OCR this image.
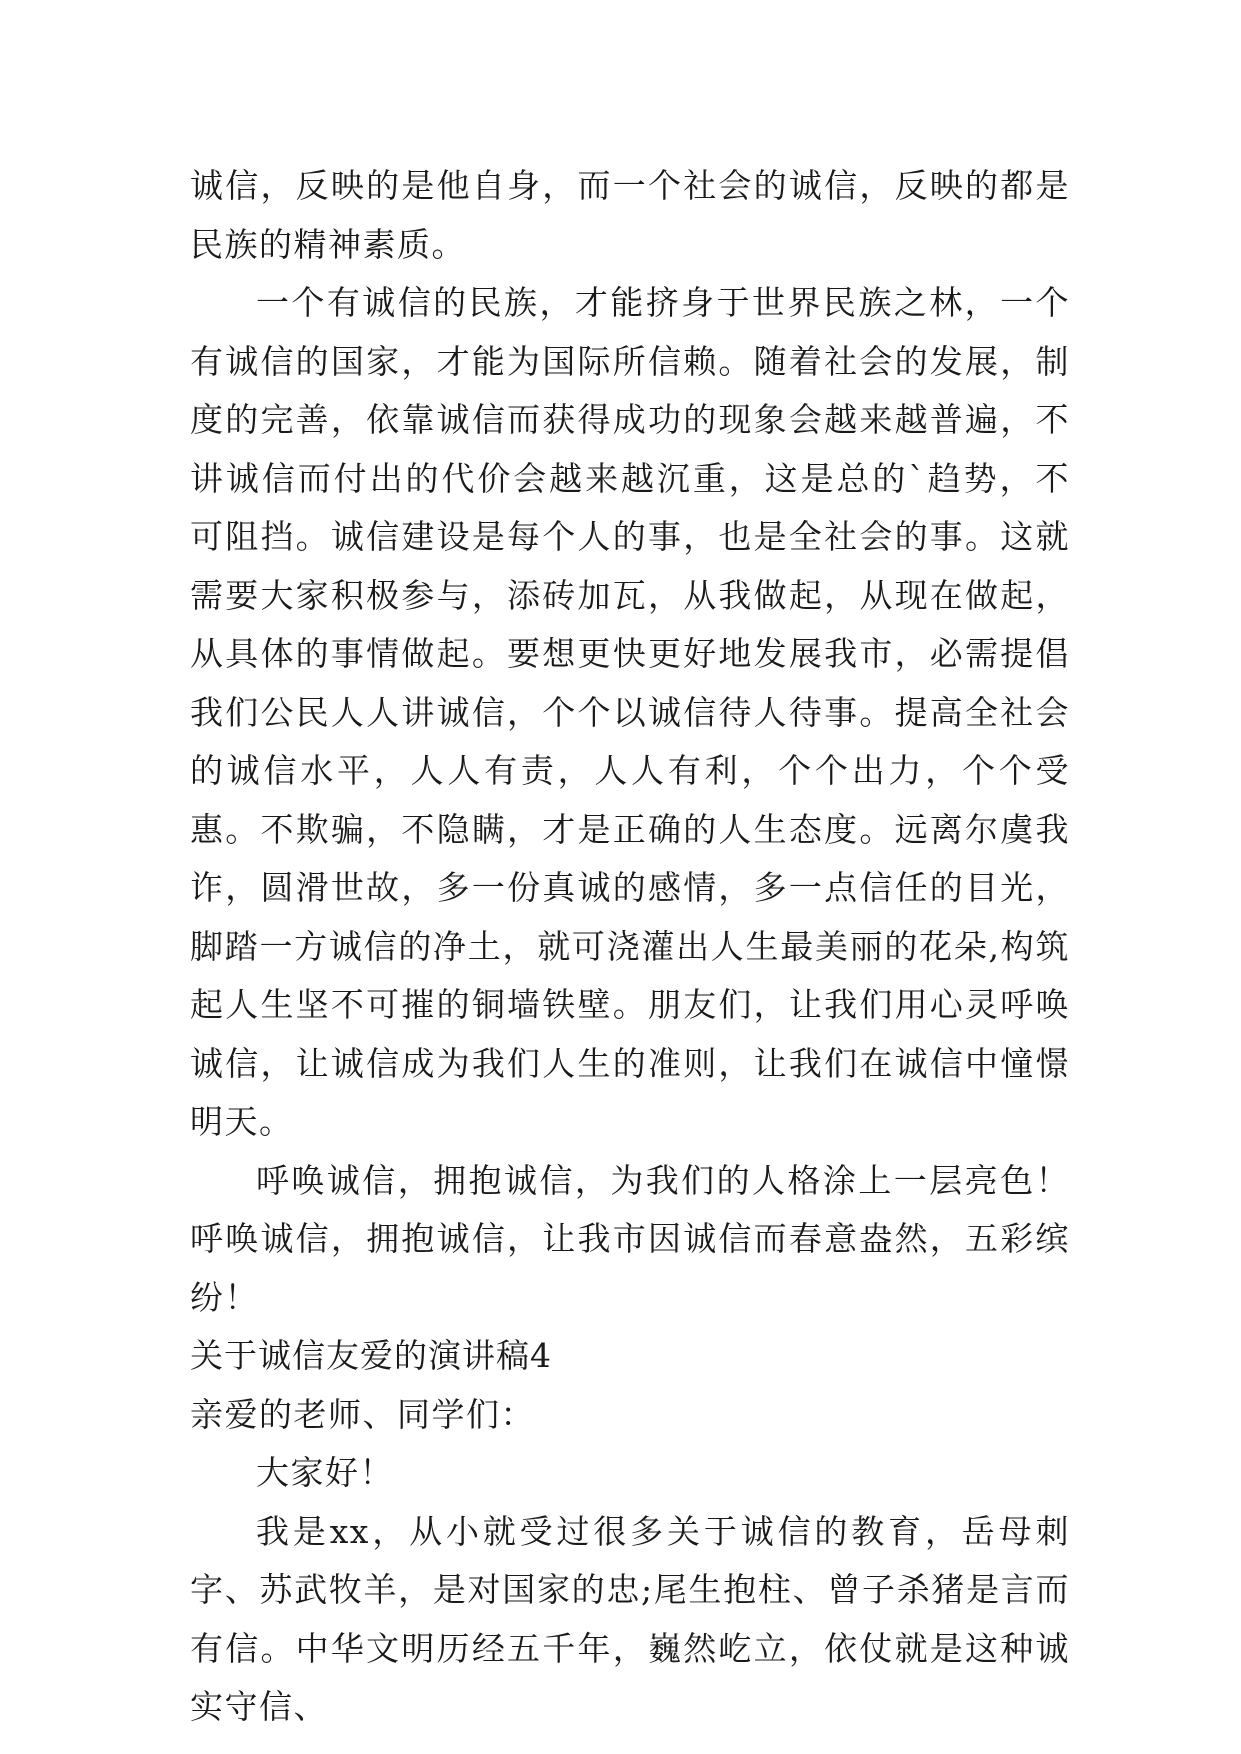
诚信，反映的是他自身，而一个社会的诚信，反映的都是民族的精神素质。

一个有诚信的民族，才能挤身于世界民族之林，一个有诚信的国家，才能为国际所信赖。随着社会的发展，制度的完善，依靠诚信而获得成功的现象会越来越普遍，不讲诚信而付出的代价会越来越沉重，这是总的`趋势，不可阻挡。诚信建设是每个人的事，也是全社会的事。这就需要大家积极参与，添砖加瓦，从我做起，从现在做起，从具体的事情做起。要想更快更好地发展我市，必需提倡我们公民人人讲诚信，个个以诚信待人待事。提高全社会的诚信水平，人人有责，人人有利，个个出力，个个受惠。不欺骗，不隐瞒，才是正确的人生态度。远离尔虞我诈，圆滑世故，多一份真诚的感情，多一点信任的目光，脚踏一方诚信的净土，就可浇灌出人生最美丽的花朵,构筑起人生坚不可摧的铜墙铁壁。朋友们，让我们用心灵呼唤诚信，让诚信成为我们人生的准则，让我们在诚信中憧憬明天。

呼唤诚信，拥抱诚信，为我们的人格涂上一层亮色！呼唤诚信，拥抱诚信，让我市因诚信而春意盎然，五彩缤纷！

关于诚信友爱的演讲稿4

亲爱的老师、同学们：

大家好！

我是xx，从小就受过很多关于诚信的教育，岳母刺字、苏武牧羊，是对国家的忠;尾生抱柱、曾子杀猪是言而有信。中华文明历经五千年，巍然屹立，依仗就是这种诚实守信、
